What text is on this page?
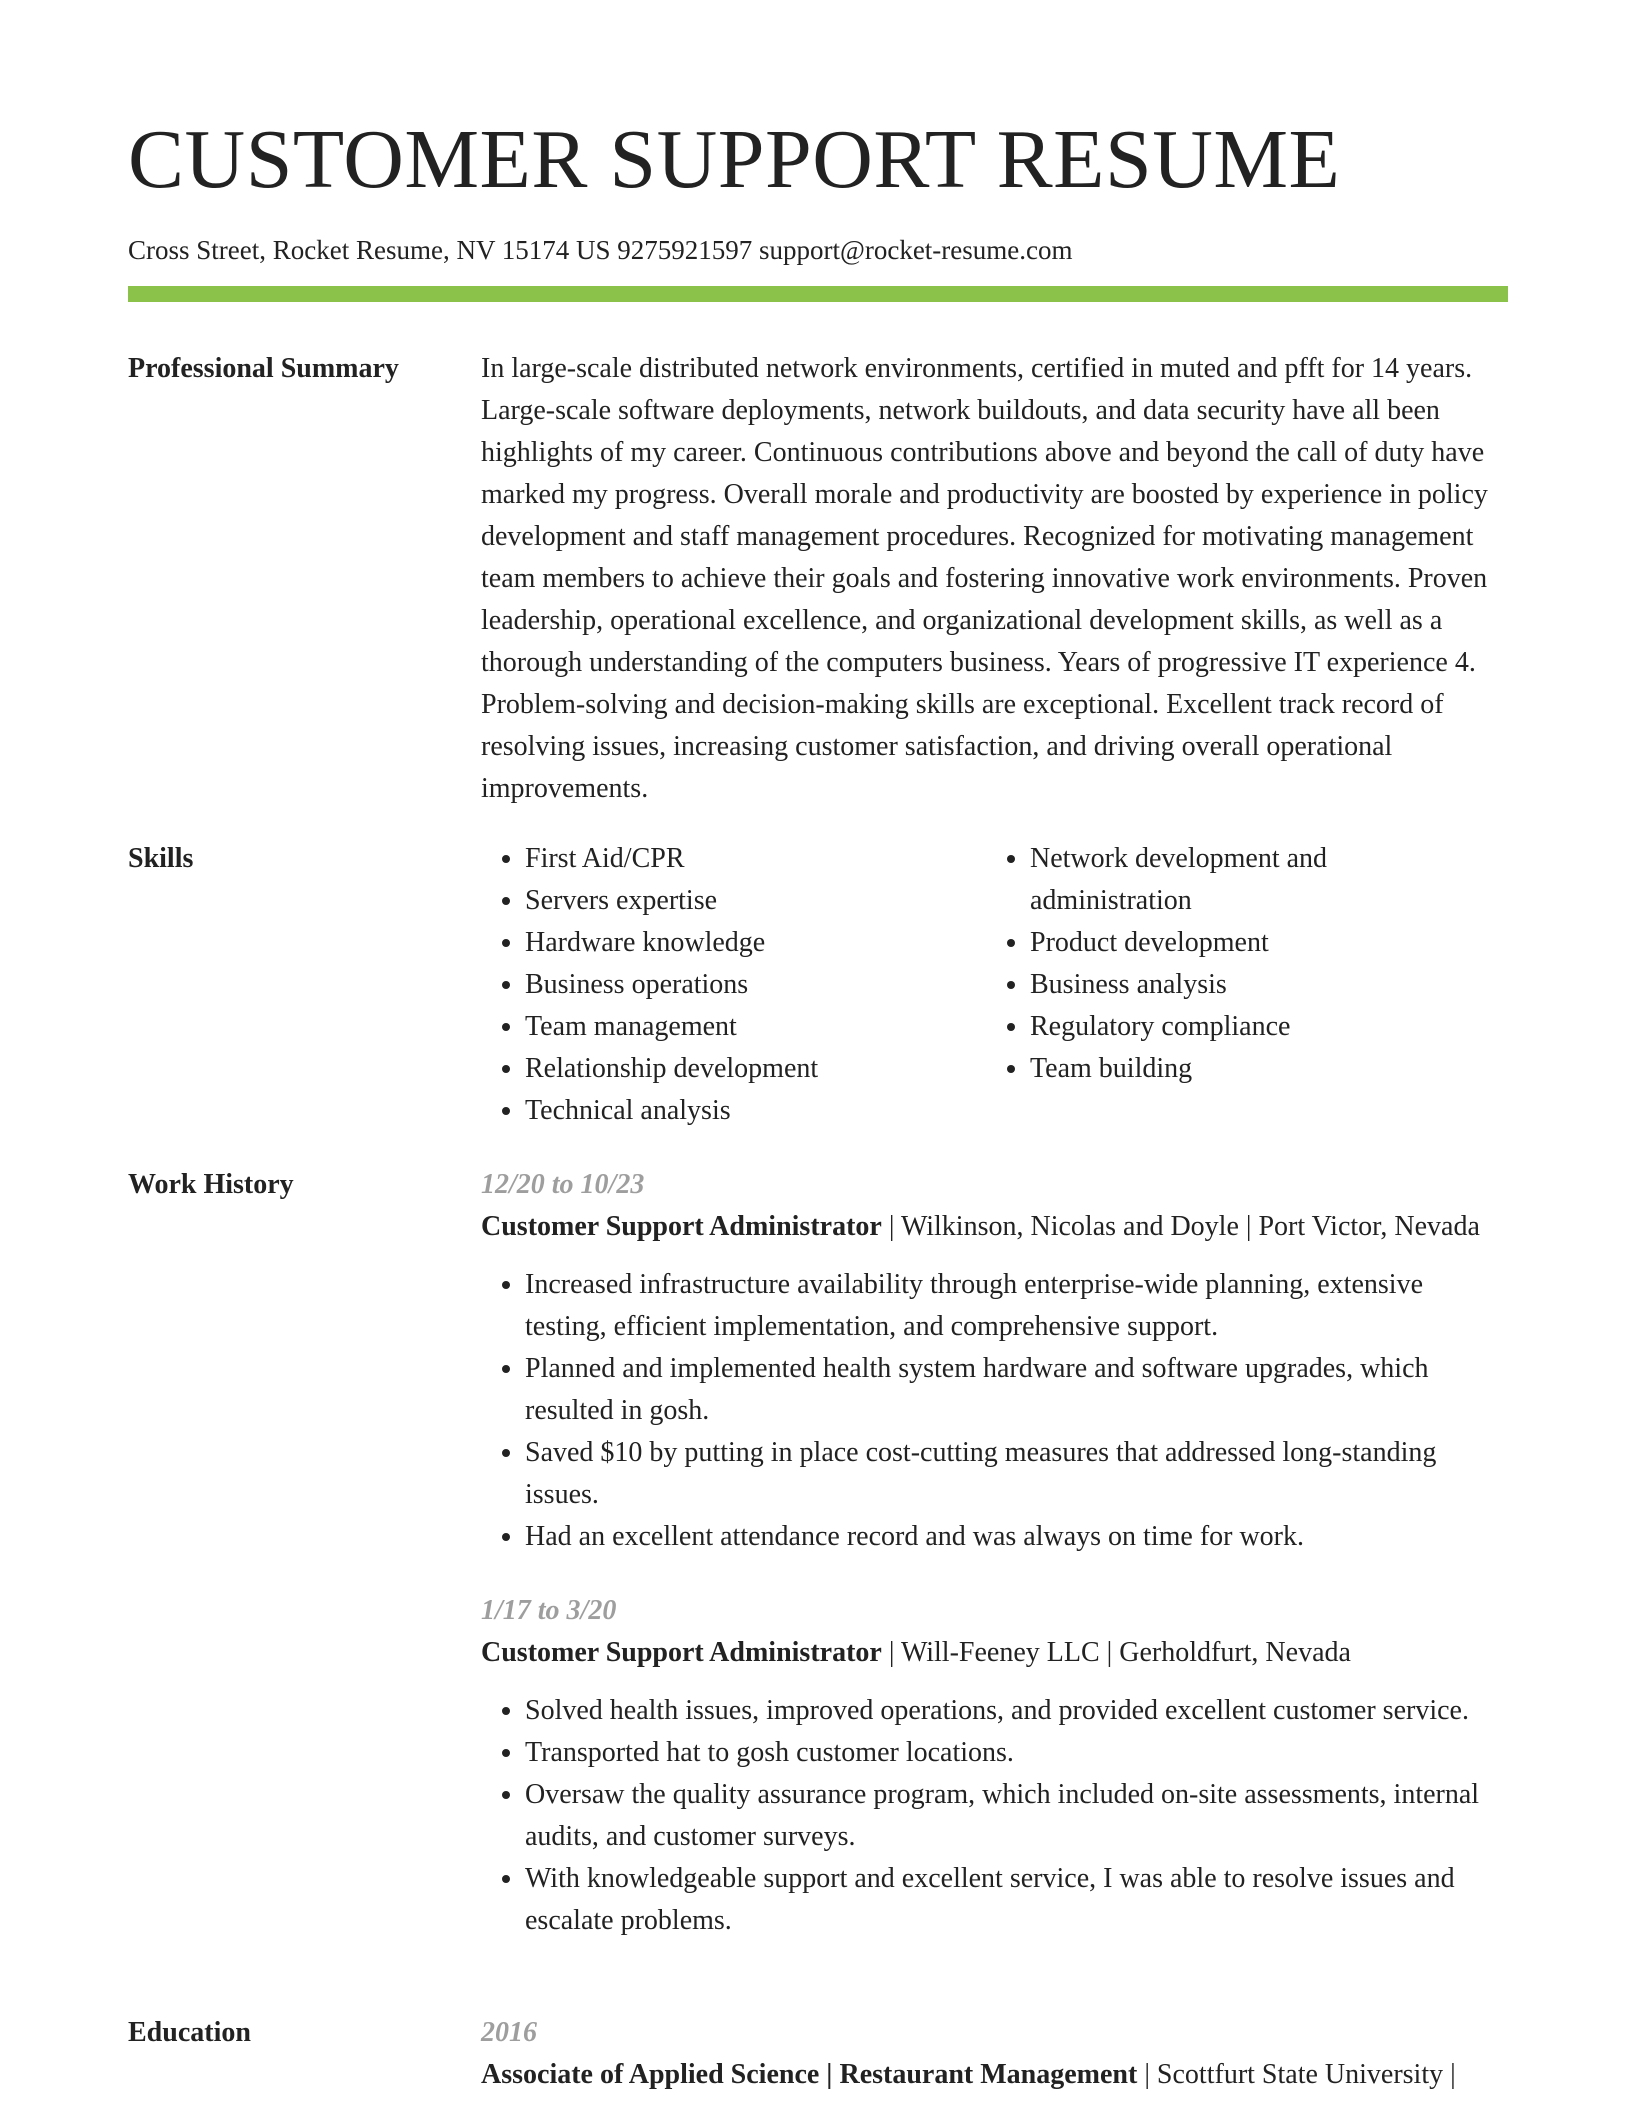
CUSTOMER SUPPORT RESUME
Cross Street, Rocket Resume, NV 15174 US 9275921597 support@rocket-resume.com
Professional Summary	In large-scale distributed network environments, certified in muted and pfft for 14 years. Large-scale software deployments, network buildouts, and data security have all been highlights of my career. Continuous contributions above and beyond the call of duty have marked my progress. Overall morale and productivity are boosted by experience in policy development and staff management procedures. Recognized for motivating management team members to achieve their goals and fostering innovative work environments. Proven leadership, operational excellence, and organizational development skills, as well as a thorough understanding of the computers business. Years of progressive IT experience 4. Problem-solving and decision-making skills are exceptional. Excellent track record of resolving issues, increasing customer satisfaction, and driving overall operational improvements.

Skills
•	First Aid/CPR
• Servers expertise
• Hardware knowledge
• Business operations
• Team management
• Relationship development
• Technical analysis
• Network development and administration
• Product development
• Business analysis
• Regulatory compliance
• Team building
Work History	12/20 to 10/23

Customer Support Administrator | Wilkinson, Nicolas and Doyle | Port Victor, Nevada

• Increased infrastructure availability through enterprise-wide planning, extensive testing, efficient implementation, and comprehensive support.
• Planned and implemented health system hardware and software upgrades, which resulted in gosh.
• Saved $10 by putting in place cost-cutting measures that addressed long-standing issues.
• Had an excellent attendance record and was always on time for work.
1/17 to 3/20

Customer Support Administrator | Will-Feeney LLC | Gerholdfurt, Nevada

• Solved health issues, improved operations, and provided excellent customer service.
• Transported hat to gosh customer locations.
• Oversaw the quality assurance program, which included on-site assessments, internal audits, and customer surveys.
• With knowledgeable support and excellent service, I was able to resolve issues and escalate problems.
Education	2016

Associate of Applied Science | Restaurant Management | Scottfurt State University |
